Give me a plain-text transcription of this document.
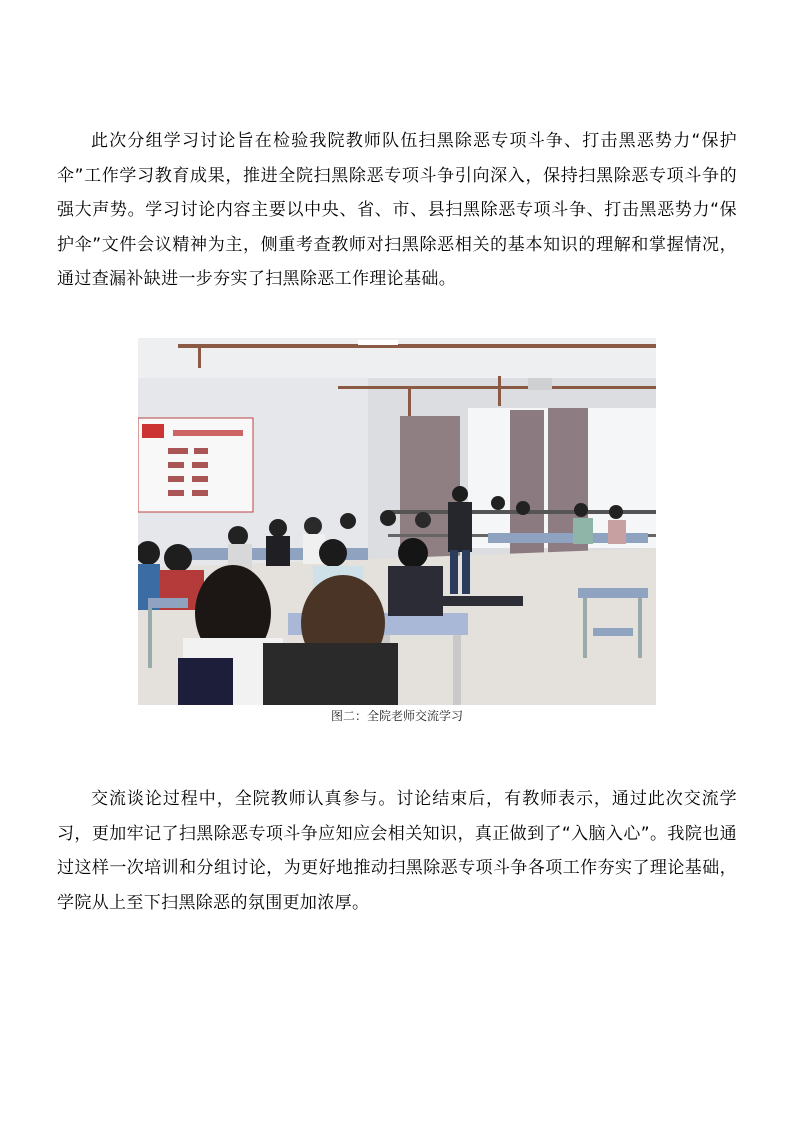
此次分组学习讨论旨在检验我院教师队伍扫黑除恶专项斗争、打击黑恶势力“保护伞”工作学习教育成果，推进全院扫黑除恶专项斗争引向深入，保持扫黑除恶专项斗争的强大声势。学习讨论内容主要以中央、省、市、县扫黑除恶专项斗争、打击黑恶势力“保护伞”文件会议精神为主，侧重考查教师对扫黑除恶相关的基本知识的理解和掌握情况，通过查漏补缺进一步夯实了扫黑除恶工作理论基础。

图二：全院老师交流学习

交流谈论过程中，全院教师认真参与。讨论结束后，有教师表示，通过此次交流学习，更加牢记了扫黑除恶专项斗争应知应会相关知识，真正做到了“入脑入心”。我院也通过这样一次培训和分组讨论，为更好地推动扫黑除恶专项斗争各项工作夯实了理论基础，学院从上至下扫黑除恶的氛围更加浓厚。
